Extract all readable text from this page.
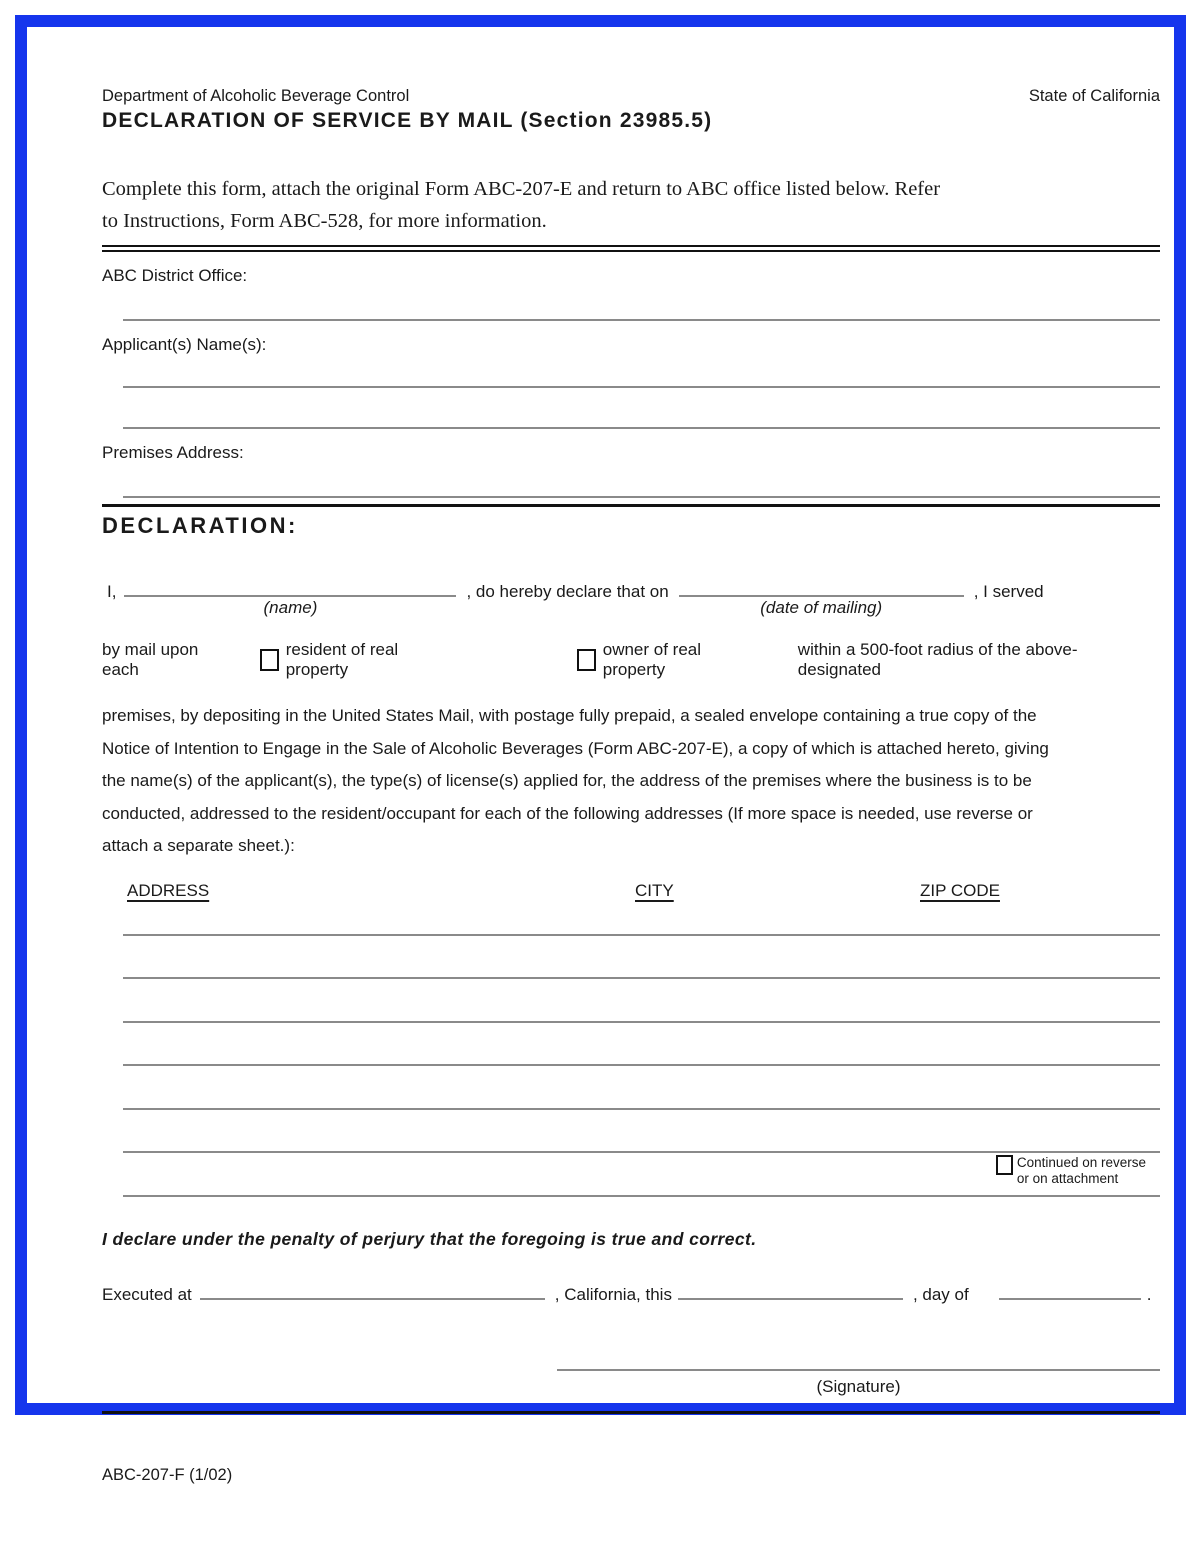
Department of Alcoholic Beverage Control	State of California
DECLARATION OF SERVICE BY MAIL (Section 23985.5)
Complete this form, attach the original Form ABC-207-E and return to ABC office listed below. Refer
to Instructions, Form ABC-528, for more information.
ABC District Office:
Applicant(s) Name(s):
Premises Address:
DECLARATION:
I,
(name)
, do hereby declare that on
(date of mailing)
, I served
by mail upon each
resident of real property
owner of real property
within a 500-foot radius of the above-designated
premises, by depositing in the United States Mail, with postage fully prepaid, a sealed envelope containing a true copy of the
Notice of Intention to Engage in the Sale of Alcoholic Beverages (Form ABC-207-E), a copy of which is attached hereto, giving
the name(s) of the applicant(s), the type(s) of license(s) applied for, the address of the premises where the business is to be
conducted, addressed to the resident/occupant for each of the following addresses (If more space is needed, use reverse or
attach a separate sheet.):
ADDRESS	CITY	ZIP CODE
Continued on reverse
or on attachment
I declare under the penalty of perjury that the foregoing is true and correct.
Executed at	, California, this	, day of	.
(Signature)
ABC-207-F (1/02)
